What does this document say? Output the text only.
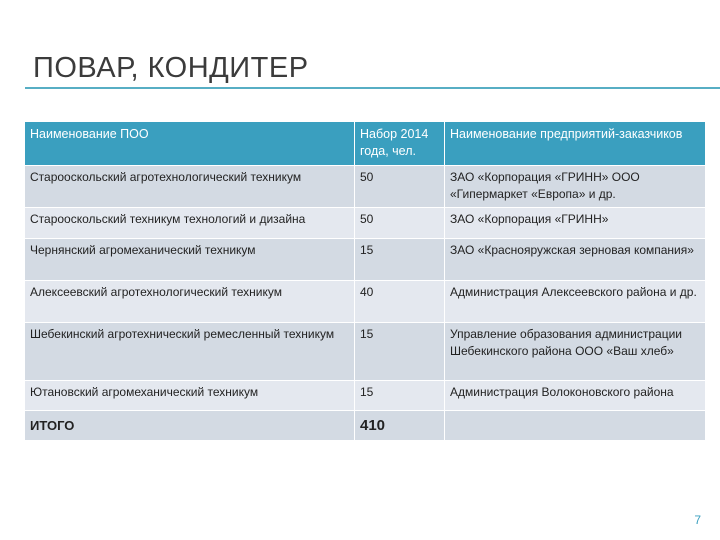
ПОВАР, КОНДИТЕР
Наименование ПОО	Набор 2014 года, чел.	Наименование предприятий-заказчиков
Старооскольский агротехнологический техникум	50	ЗАО «Корпорация «ГРИНН» ООО «Гипермаркет «Европа» и др.
Старооскольский техникум технологий и дизайна	50	ЗАО «Корпорация «ГРИНН»
Чернянский агромеханический техникум	15	ЗАО «Краснояружская зерновая компания»
Алексеевский агротехнологический техникум	40	Администрация Алексеевского района и др.
Шебекинский агротехнический ремесленный техникум	15	Управление образования администрации Шебекинского района ООО «Ваш хлеб»
Ютановский агромеханический техникум	15	Администрация Волоконовского района
ИТОГО	410	
7
